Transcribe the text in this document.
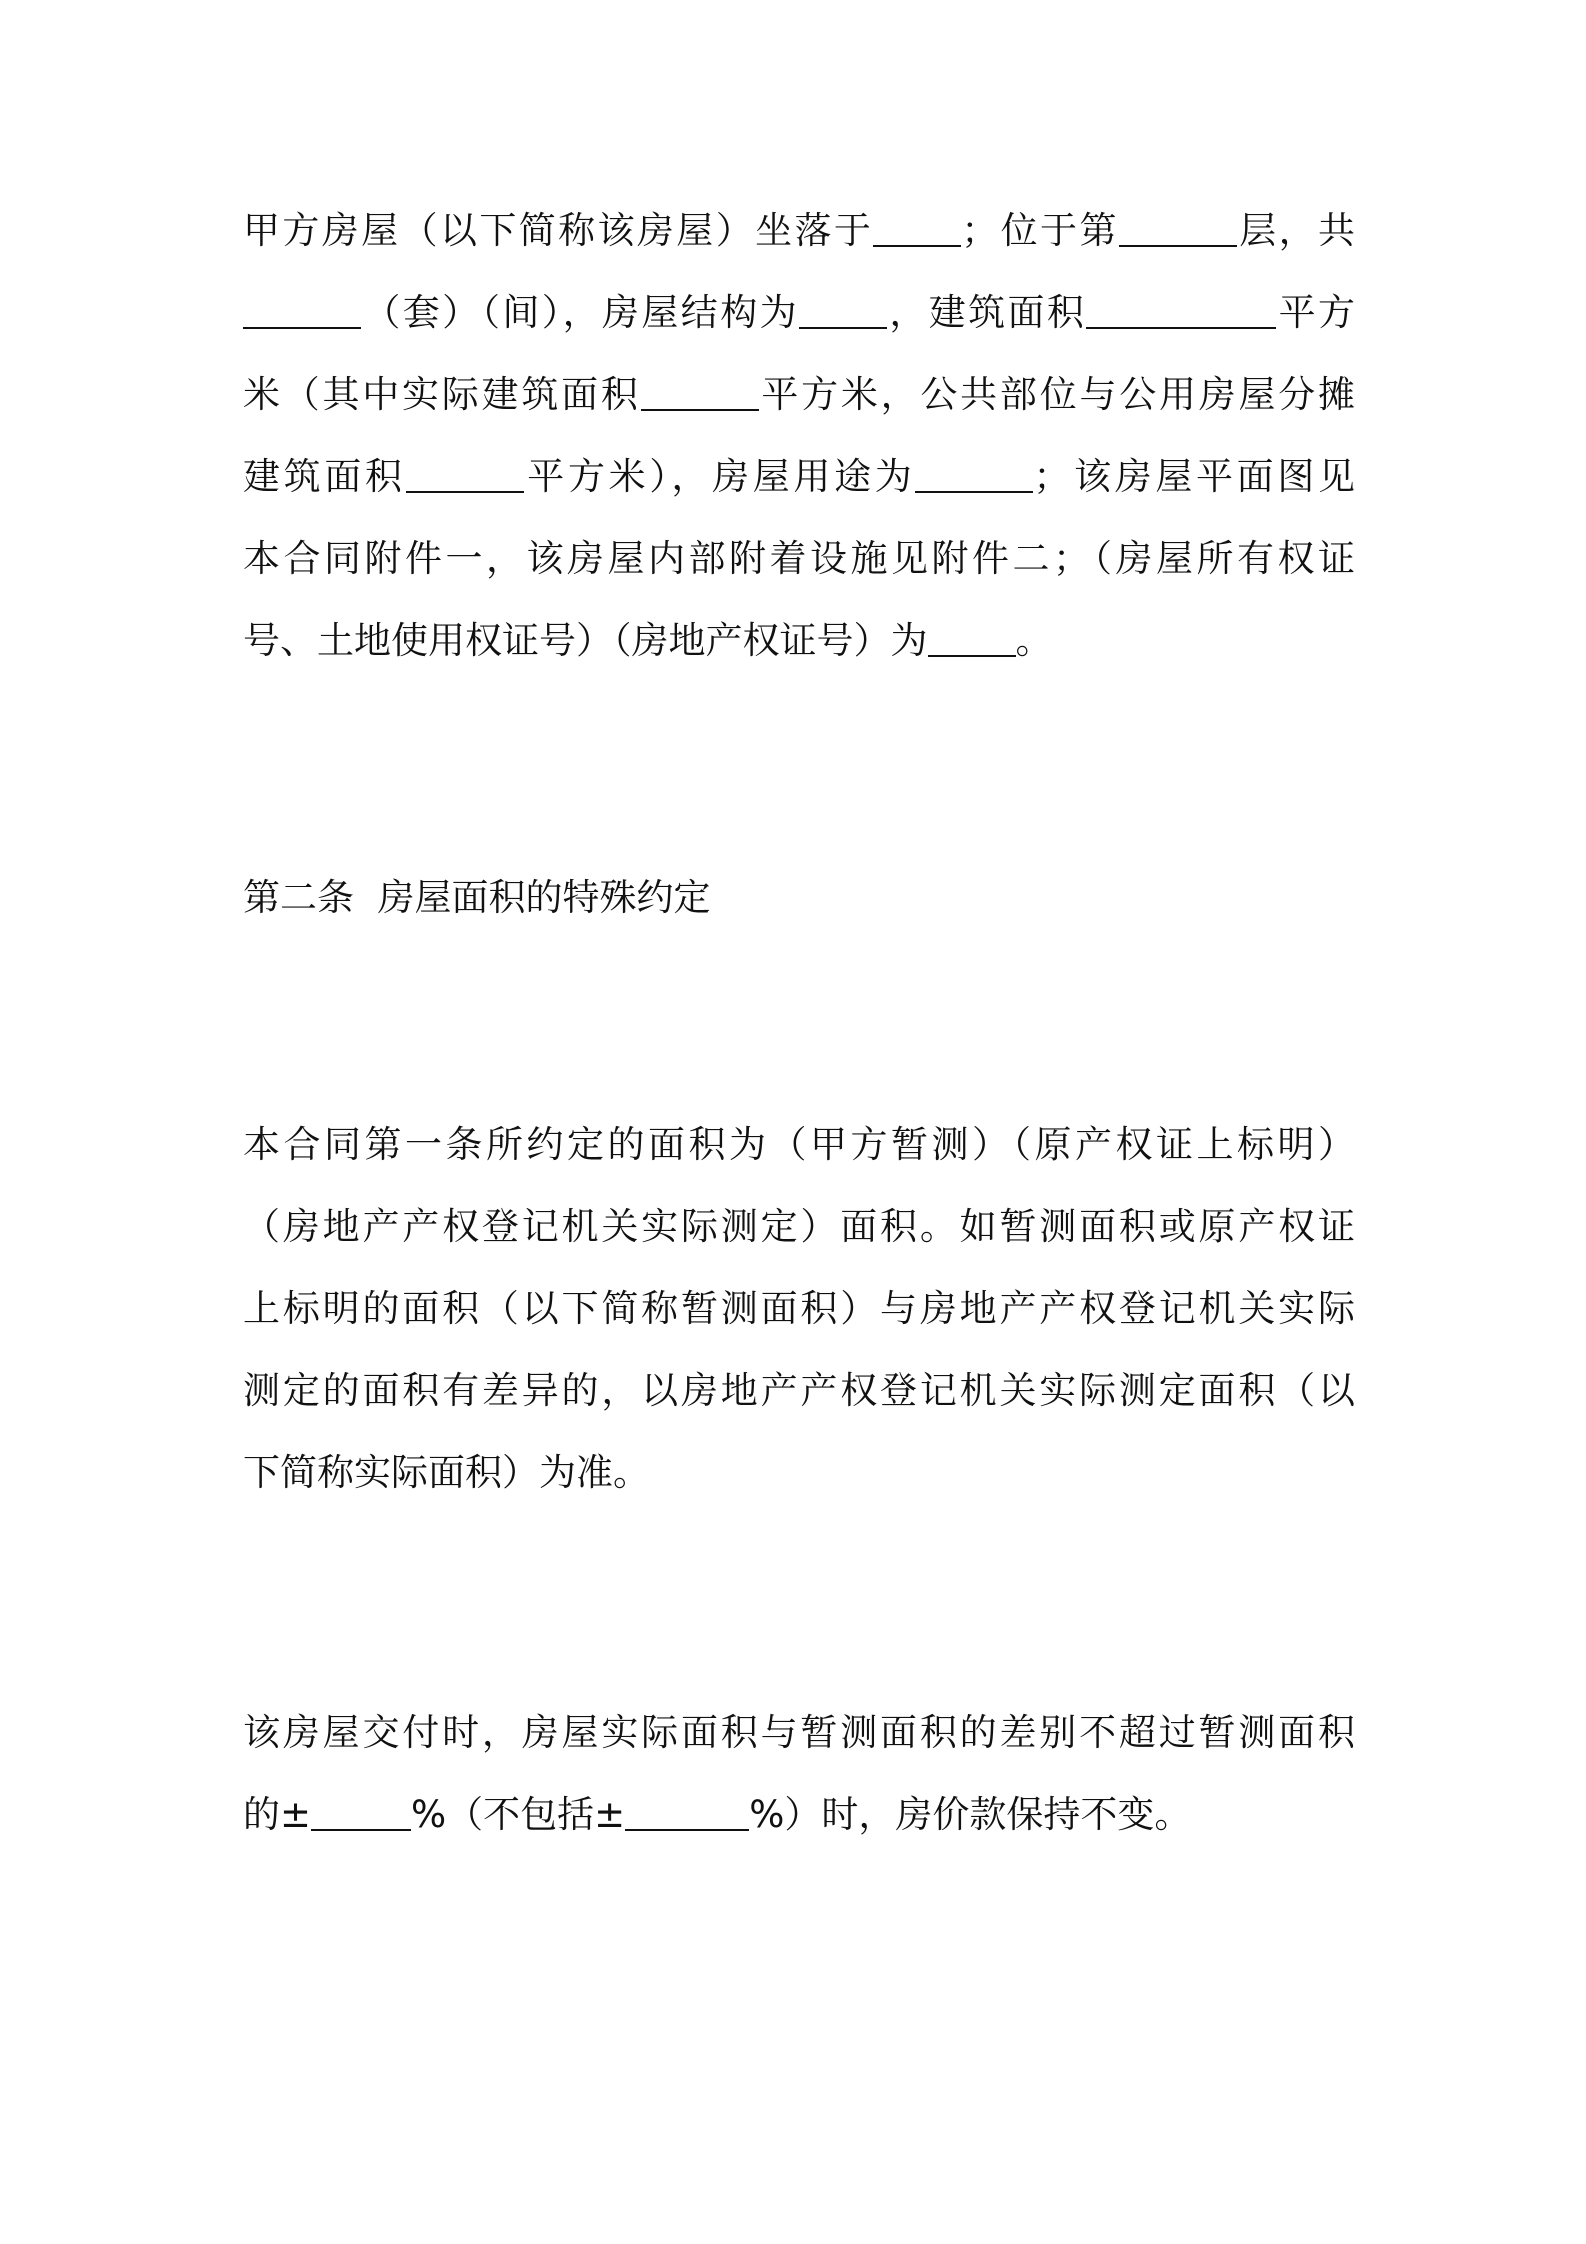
甲方房屋（以下简称该房屋）坐落于 ；位于第	层，共
（套）（间），房屋结构为 ，建筑面积	平方
米（其中实际建筑面积	平方米，公共部位与公用房屋分摊
建筑面积	平方米），房屋用途为	；该房屋平面图见
本合同附件一，该房屋内部附着设施见附件二；（房屋所有权证
号、土地使用权证号）（房地产权证号）为 。
第二条  房屋面积的特殊约定
本合同第一条所约定的面积为（甲方暂测）（原产权证上标明）
（房地产产权登记机关实际测定）面积。如暂测面积或原产权证
上标明的面积（以下简称暂测面积）与房地产产权登记机关实际
测定的面积有差异的，以房地产产权登记机关实际测定面积（以
下简称实际面积）为准。
该房屋交付时，房屋实际面积与暂测面积的差别不超过暂测面积
的±	%（不包括±	%）时，房价款保持不变。
